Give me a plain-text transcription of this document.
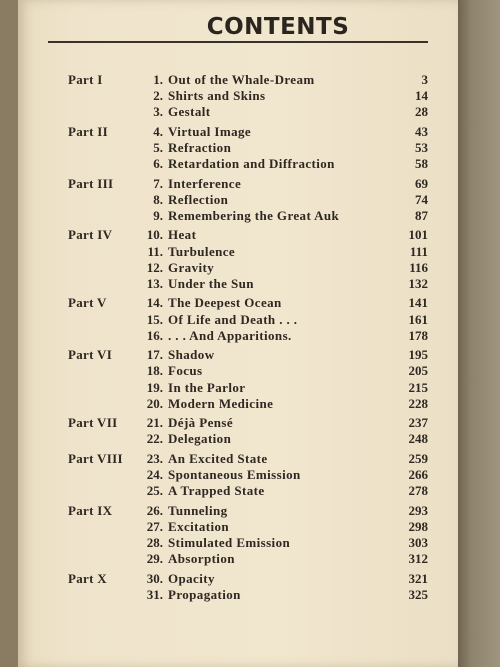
CONTENTS
Part I	1. Out of the Whale-Dream	3
2. Shirts and Skins	14
3. Gestalt	28
Part II	4. Virtual Image	43
5. Refraction	53
6. Retardation and Diffraction	58
Part III	7. Interference	69
8. Reflection	74
9. Remembering the Great Auk	87
Part IV	10. Heat	101
11. Turbulence	111
12. Gravity	116
13. Under the Sun	132
Part V	14. The Deepest Ocean	141
15. Of Life and Death . . .	161
16. . . . And Apparitions.	178
Part VI	17. Shadow	195
18. Focus	205
19. In the Parlor	215
20. Modern Medicine	228
Part VII	21. Déjà Pensé	237
22. Delegation	248
Part VIII	23. An Excited State	259
24. Spontaneous Emission	266
25. A Trapped State	278
Part IX	26. Tunneling	293
27. Excitation	298
28. Stimulated Emission	303
29. Absorption	312
Part X	30. Opacity	321
31. Propagation	325
